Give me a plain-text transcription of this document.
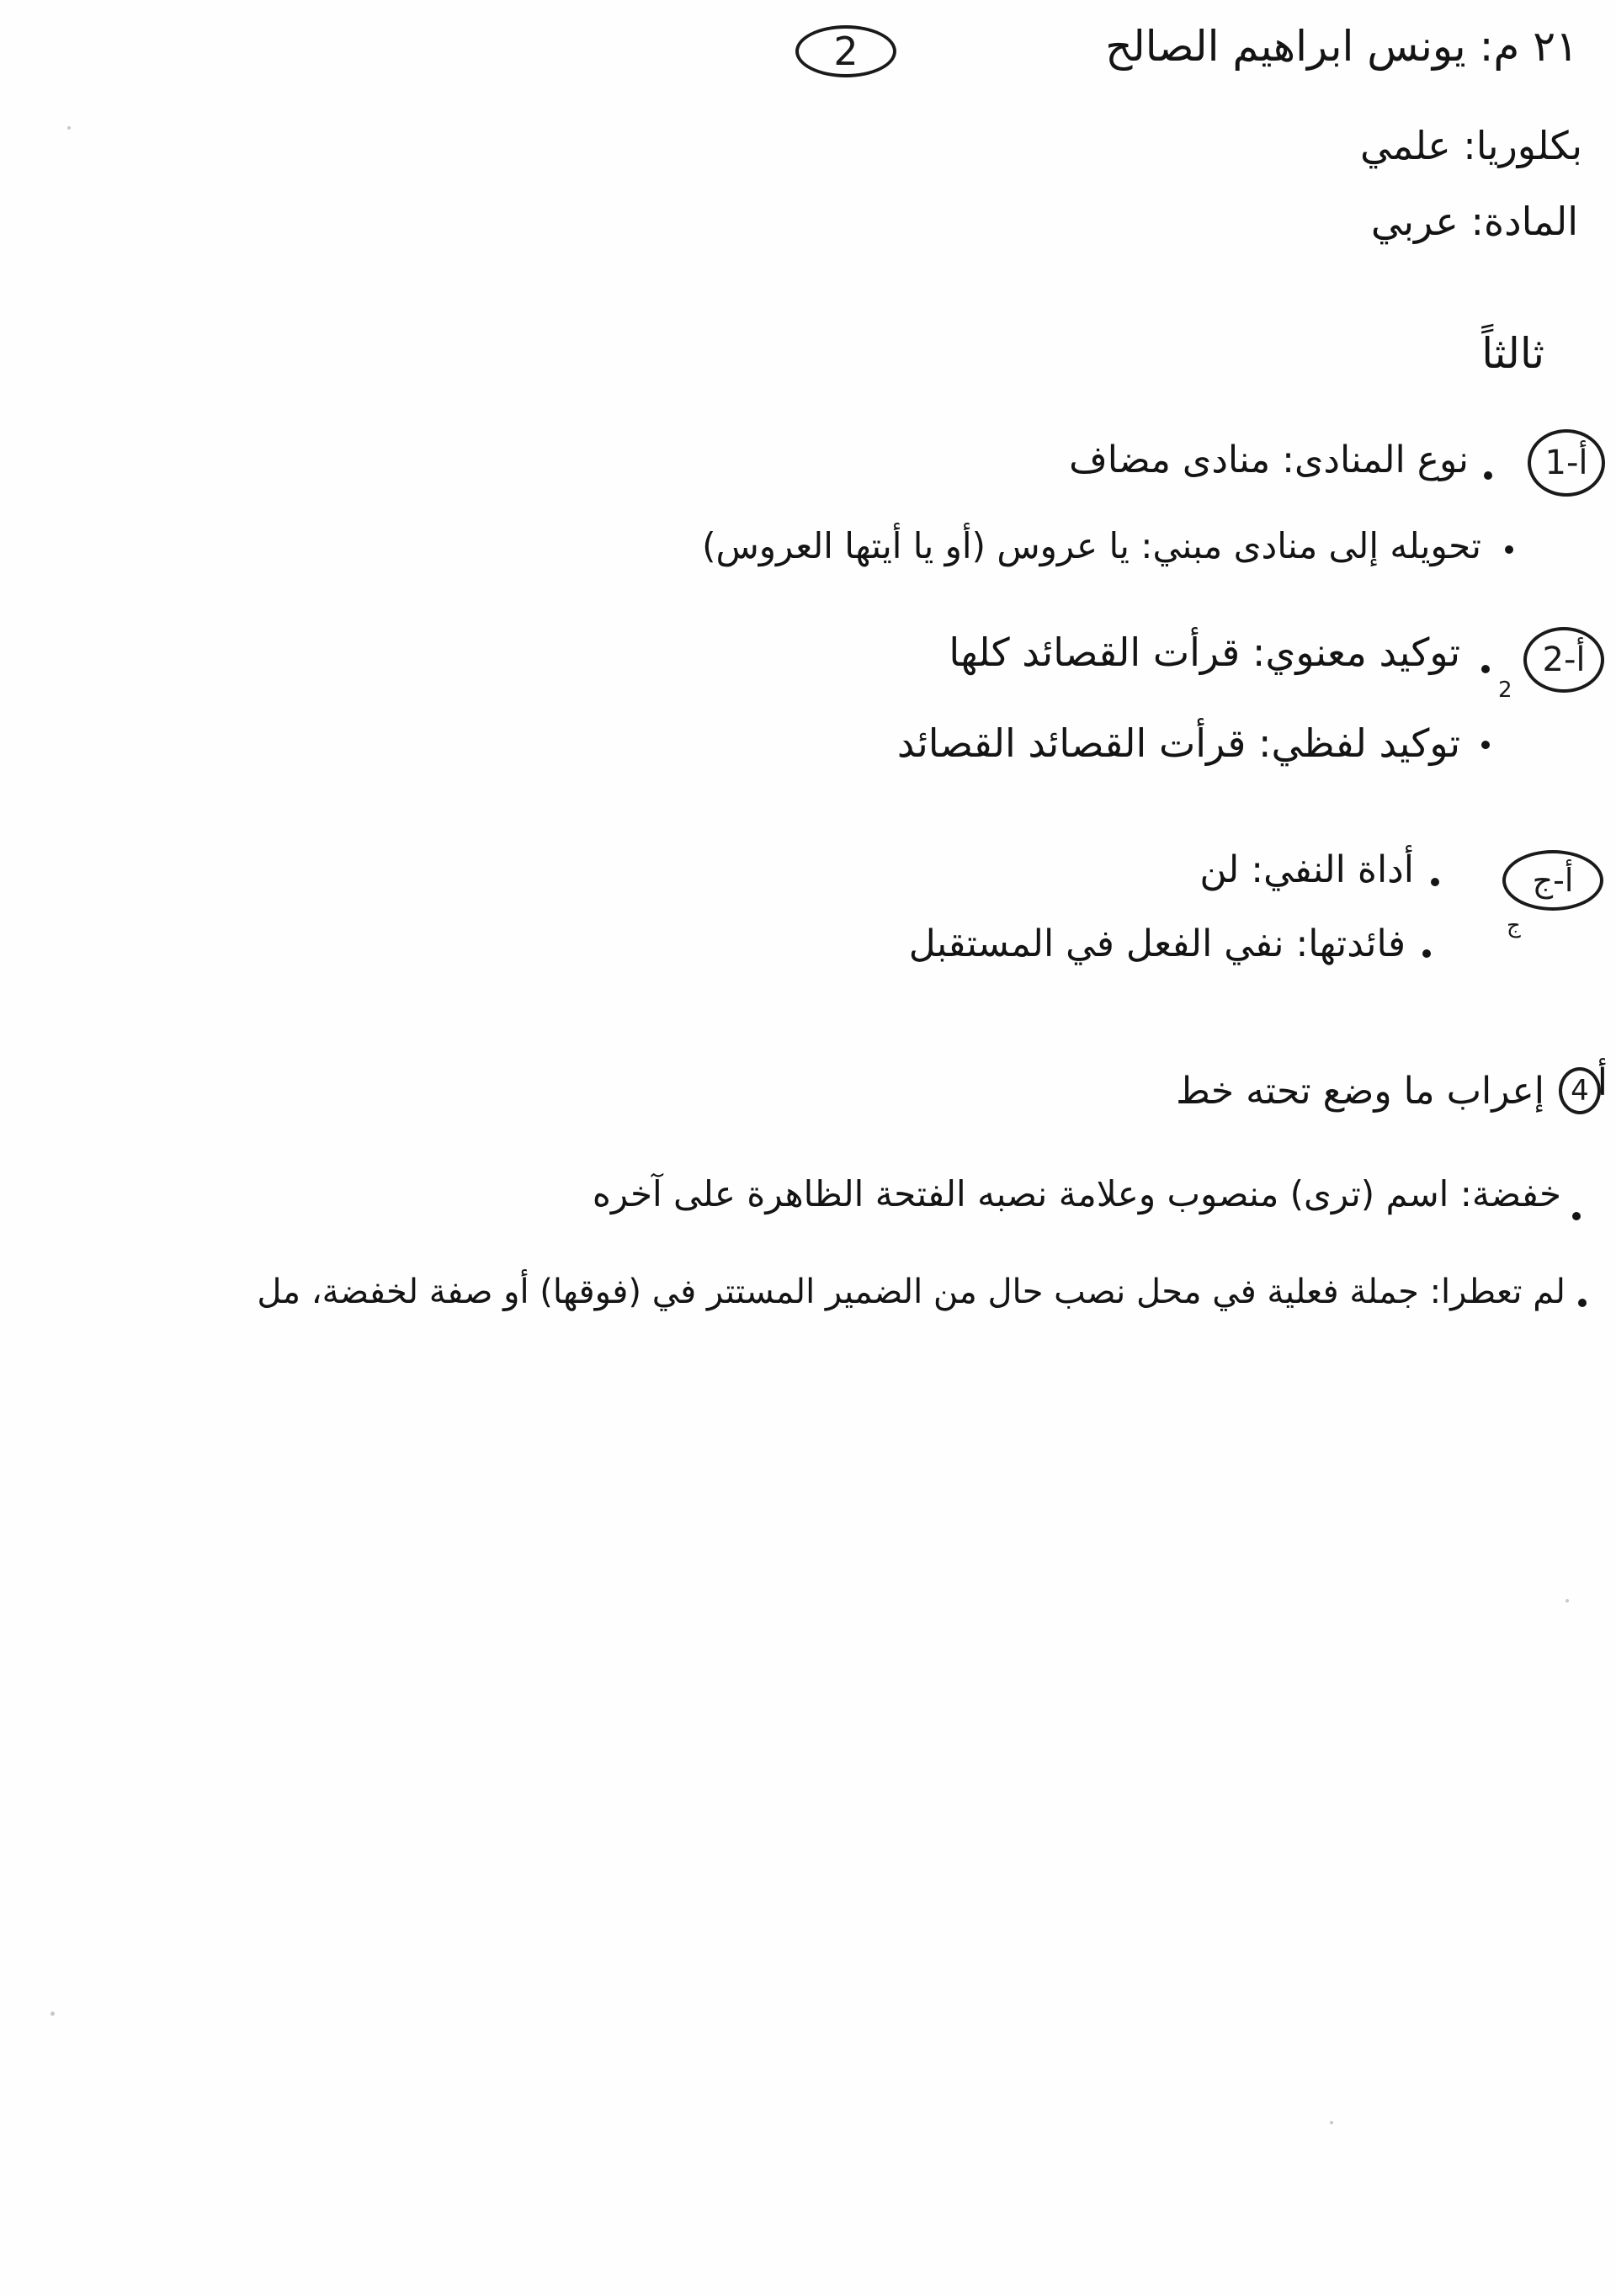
2	٢١ م: يونس ابراهيم الصالح
بكلوريا: علمي
المادة: عربي
ثالثاً
أ-1
نوع المنادى: منادى مضاف
تحويله إلى منادى مبني: يا عروس (أو يا أيتها العروس)
أ-2
2
توكيد معنوي: قرأت القصائد كلها
توكيد لفظي: قرأت القصائد القصائد
أ-ج
ج
أداة النفي: لن
فائدتها: نفي الفعل في المستقبل
أ
4
إعراب ما وضع تحته خط
خفضة: اسم (ترى) منصوب وعلامة نصبه الفتحة الظاهرة على آخره
لم تعطرا: جملة فعلية في محل نصب حال من الضمير المستتر في (فوقها) أو صفة لخفضة، مل
